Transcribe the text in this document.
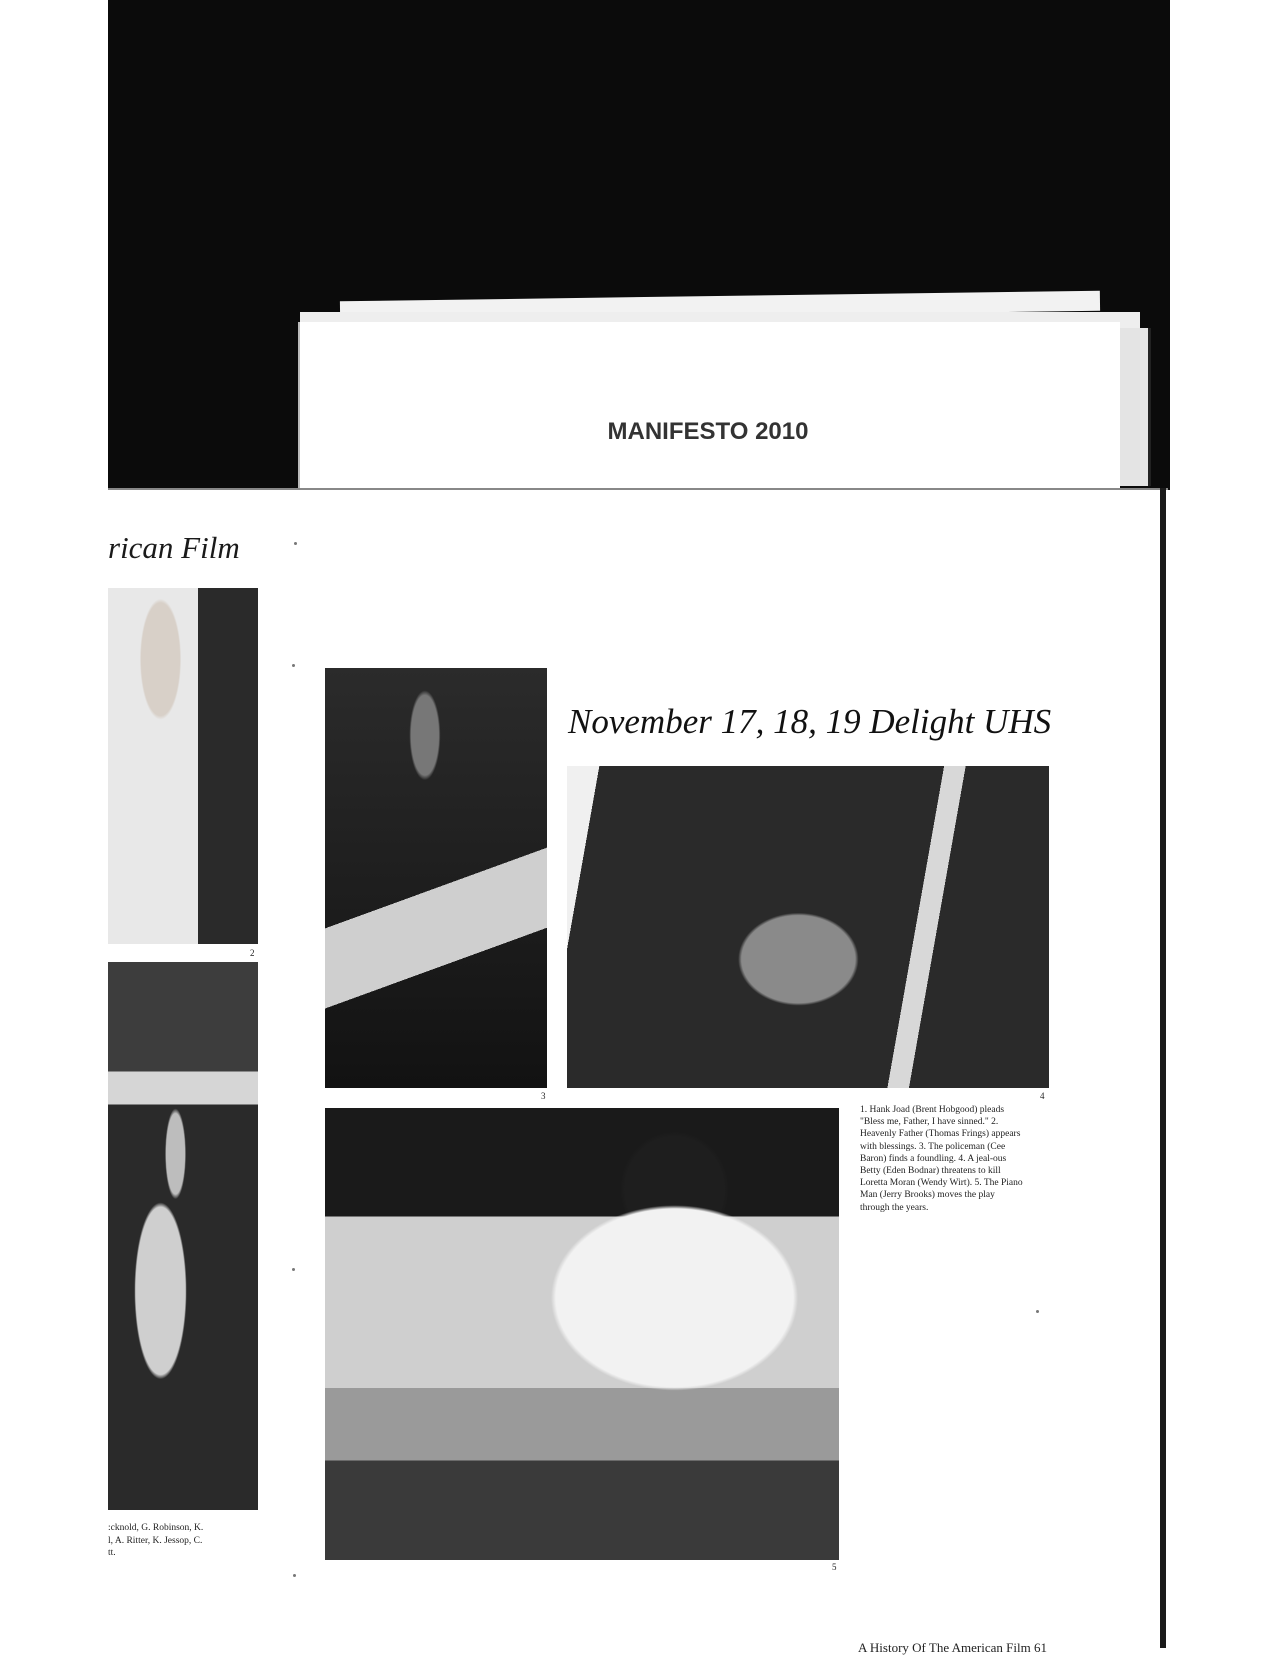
MANIFESTO 2010
rican Film
November 17, 18, 19 Delight UHS
2
3	4
5
1. Hank Joad (Brent Hobgood) pleads "Bless me, Father, I have sinned." 2. Heavenly Father (Thomas Frings) appears with blessings. 3. The policeman (Cee Baron) finds a foundling. 4. A jeal-ous Betty (Eden Bodnar) threatens to kill Loretta Moran (Wendy Wirt). 5. The Piano Man (Jerry Brooks) moves the play through the years.
:cknold, G. Robinson, K.
l, A. Ritter, K. Jessop, C.
tt.
A History Of The American Film 61
